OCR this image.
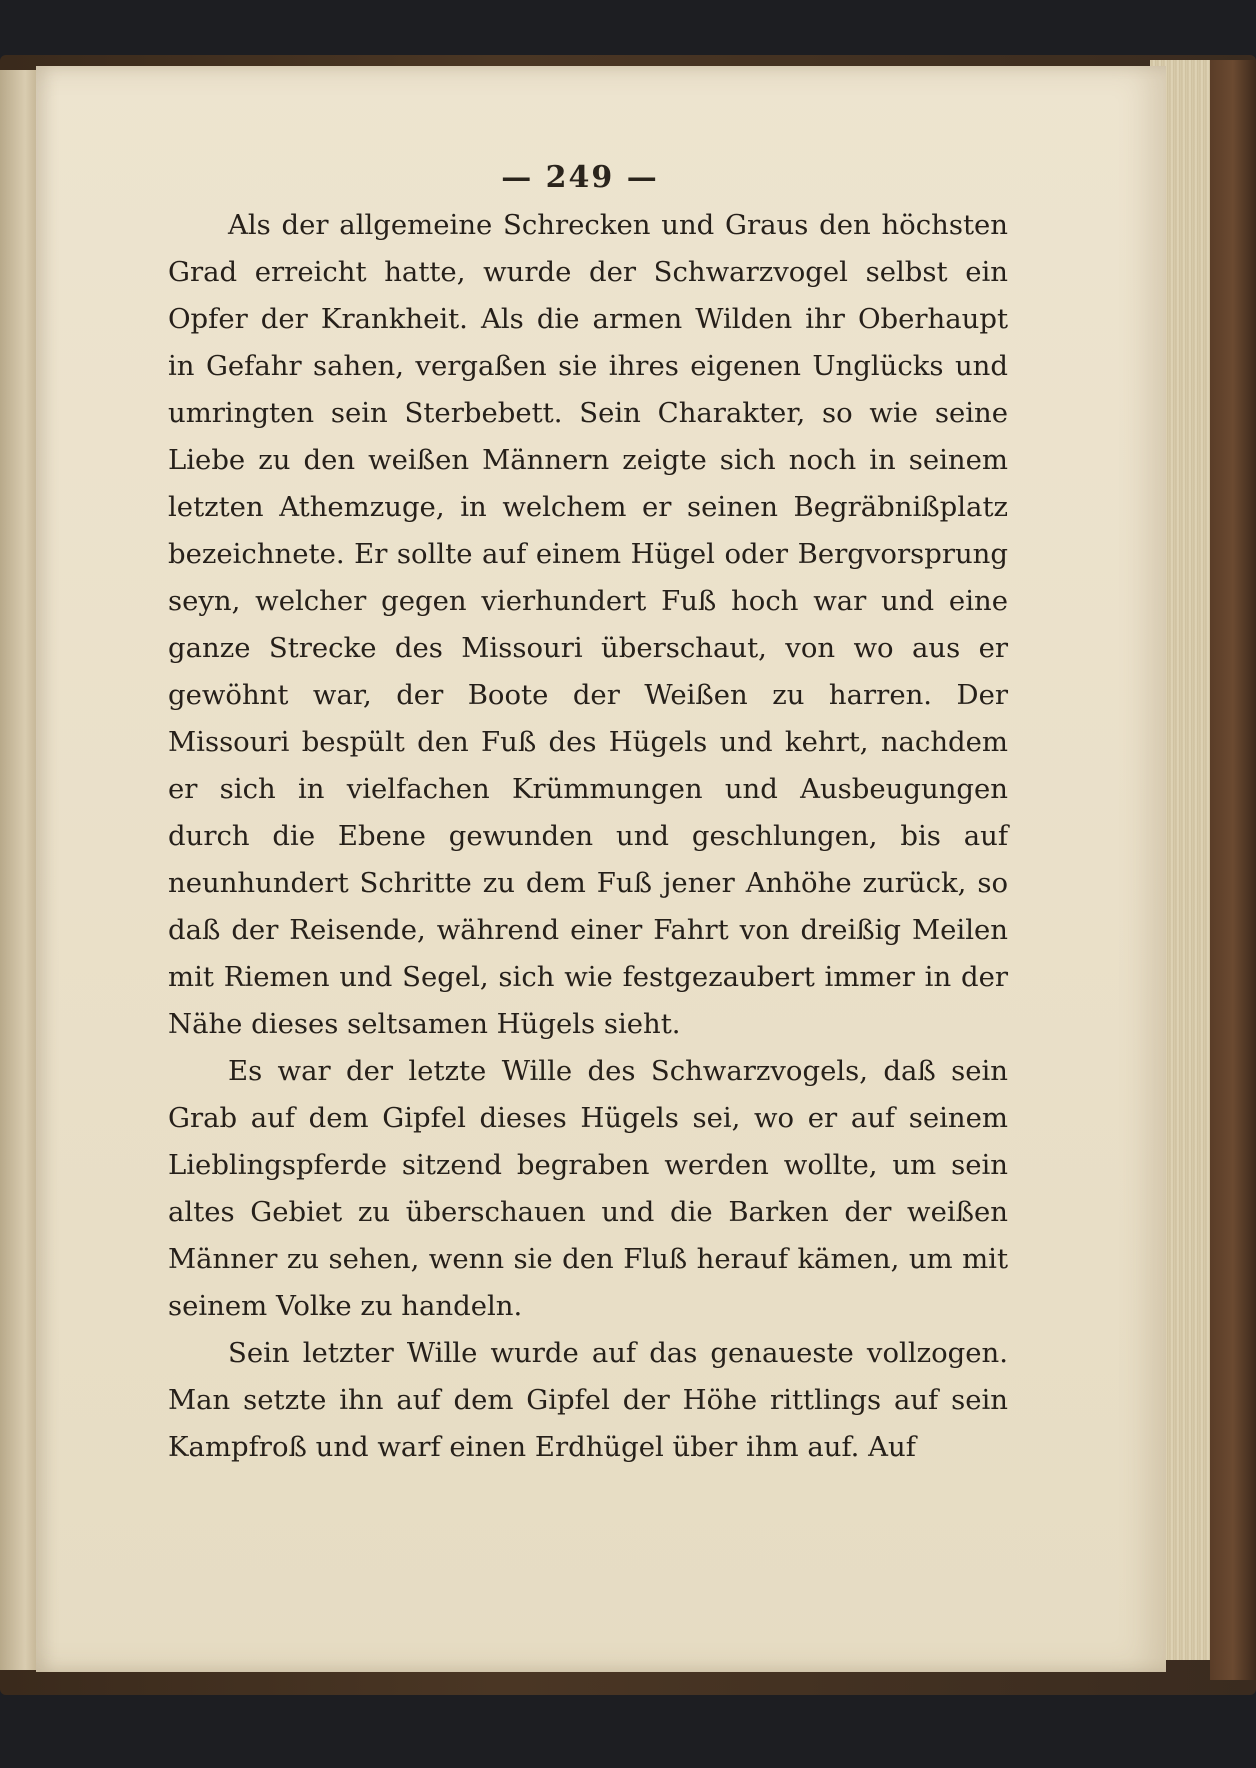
— 249 —

Als der allgemeine Schrecken und Graus den höchsten Grad erreicht hatte, wurde der Schwarzvogel selbst ein Opfer der Krankheit. Als die armen Wilden ihr Oberhaupt in Gefahr sahen, vergaßen sie ihres eigenen Unglücks und umringten sein Sterbebett. Sein Charakter, so wie seine Liebe zu den weißen Männern zeigte sich noch in seinem letzten Athemzuge, in welchem er seinen Begräbnißplatz bezeichnete. Er sollte auf einem Hügel oder Bergvorsprung seyn, welcher gegen vierhundert Fuß hoch war und eine ganze Strecke des Missouri überschaut, von wo aus er gewöhnt war, der Boote der Weißen zu harren. Der Missouri bespült den Fuß des Hügels und kehrt, nachdem er sich in vielfachen Krümmungen und Ausbeugungen durch die Ebene gewunden und geschlungen, bis auf neunhundert Schritte zu dem Fuß jener Anhöhe zurück, so daß der Reisende, während einer Fahrt von dreißig Meilen mit Riemen und Segel, sich wie festgezaubert immer in der Nähe dieses seltsamen Hügels sieht.

Es war der letzte Wille des Schwarzvogels, daß sein Grab auf dem Gipfel dieses Hügels sei, wo er auf seinem Lieblingspferde sitzend begraben werden wollte, um sein altes Gebiet zu überschauen und die Barken der weißen Männer zu sehen, wenn sie den Fluß herauf kämen, um mit seinem Volke zu handeln.

Sein letzter Wille wurde auf das genaueste vollzogen. Man setzte ihn auf dem Gipfel der Höhe rittlings auf sein Kampfroß und warf einen Erdhügel über ihm auf. Auf
